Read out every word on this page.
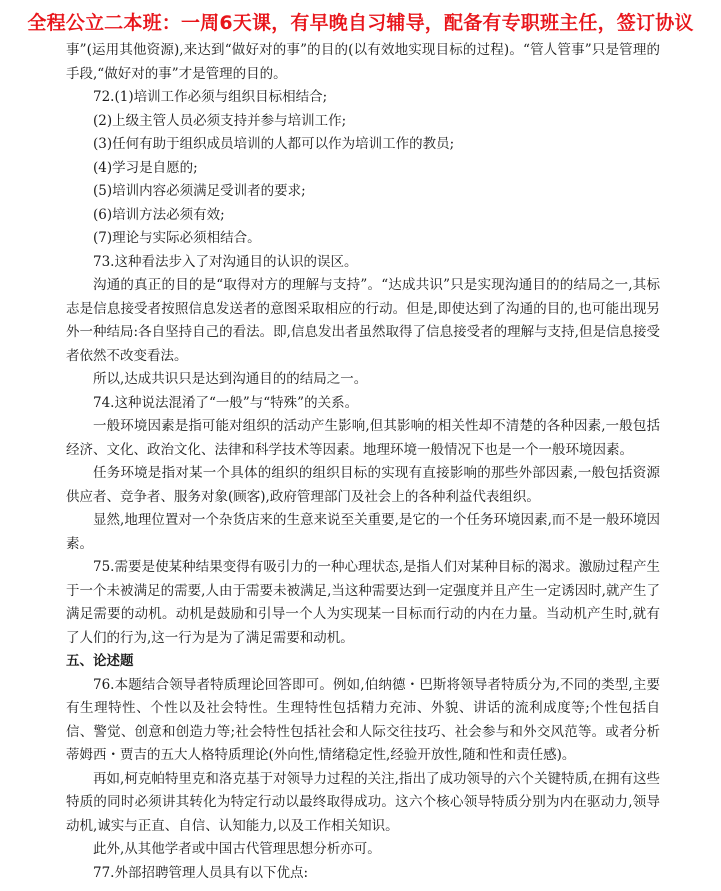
全程公立二本班：一周6天课，有早晚自习辅导，配备有专职班主任，签订协议

事”(运用其他资源),来达到“做好对的事”的目的(以有效地实现目标的过程)。“管人管事”只是管理的手段,“做好对的事”才是管理的目的。

72.(1)培训工作必须与组织目标相结合;

(2)上级主管人员必须支持并参与培训工作;

(3)任何有助于组织成员培训的人都可以作为培训工作的教员;

(4)学习是自愿的;

(5)培训内容必须满足受训者的要求;

(6)培训方法必须有效;

(7)理论与实际必须相结合。

73.这种看法步入了对沟通目的认识的误区。

沟通的真正的目的是“取得对方的理解与支持”。“达成共识”只是实现沟通目的的结局之一,其标志是信息接受者按照信息发送者的意图采取相应的行动。但是,即使达到了沟通的目的,也可能出现另外一种结局:各自坚持自己的看法。即,信息发出者虽然取得了信息接受者的理解与支持,但是信息接受者依然不改变看法。

所以,达成共识只是达到沟通目的的结局之一。

74.这种说法混淆了“一般”与“特殊”的关系。

一般环境因素是指可能对组织的活动产生影响,但其影响的相关性却不清楚的各种因素,一般包括经济、文化、政治文化、法律和科学技术等因素。地理环境一般情况下也是一个一般环境因素。

任务环境是指对某一个具体的组织的组织目标的实现有直接影响的那些外部因素,一般包括资源供应者、竞争者、服务对象(顾客),政府管理部门及社会上的各种利益代表组织。

显然,地理位置对一个杂货店来的生意来说至关重要,是它的一个任务环境因素,而不是一般环境因素。

75.需要是使某种结果变得有吸引力的一种心理状态,是指人们对某种目标的渴求。激励过程产生于一个未被满足的需要,人由于需要未被满足,当这种需要达到一定强度并且产生一定诱因时,就产生了满足需要的动机。动机是鼓励和引导一个人为实现某一目标而行动的内在力量。当动机产生时,就有了人们的行为,这一行为是为了满足需要和动机。

五、论述题

76.本题结合领导者特质理论回答即可。例如,伯纳德・巴斯将领导者特质分为,不同的类型,主要有生理特性、个性以及社会特性。生理特性包括精力充沛、外貌、讲话的流利成度等;个性包括自信、警觉、创意和创造力等;社会特性包括社会和人际交往技巧、社会参与和外交风范等。或者分析蒂姆西・贾吉的五大人格特质理论(外向性,情绪稳定性,经验开放性,随和性和责任感)。

再如,柯克帕特里克和洛克基于对领导力过程的关注,指出了成功领导的六个关键特质,在拥有这些特质的同时必须讲其转化为特定行动以最终取得成功。这六个核心领导特质分别为内在驱动力,领导动机,诚实与正直、自信、认知能力,以及工作相关知识。

此外,从其他学者或中国古代管理思想分析亦可。

77.外部招聘管理人员具有以下优点:
